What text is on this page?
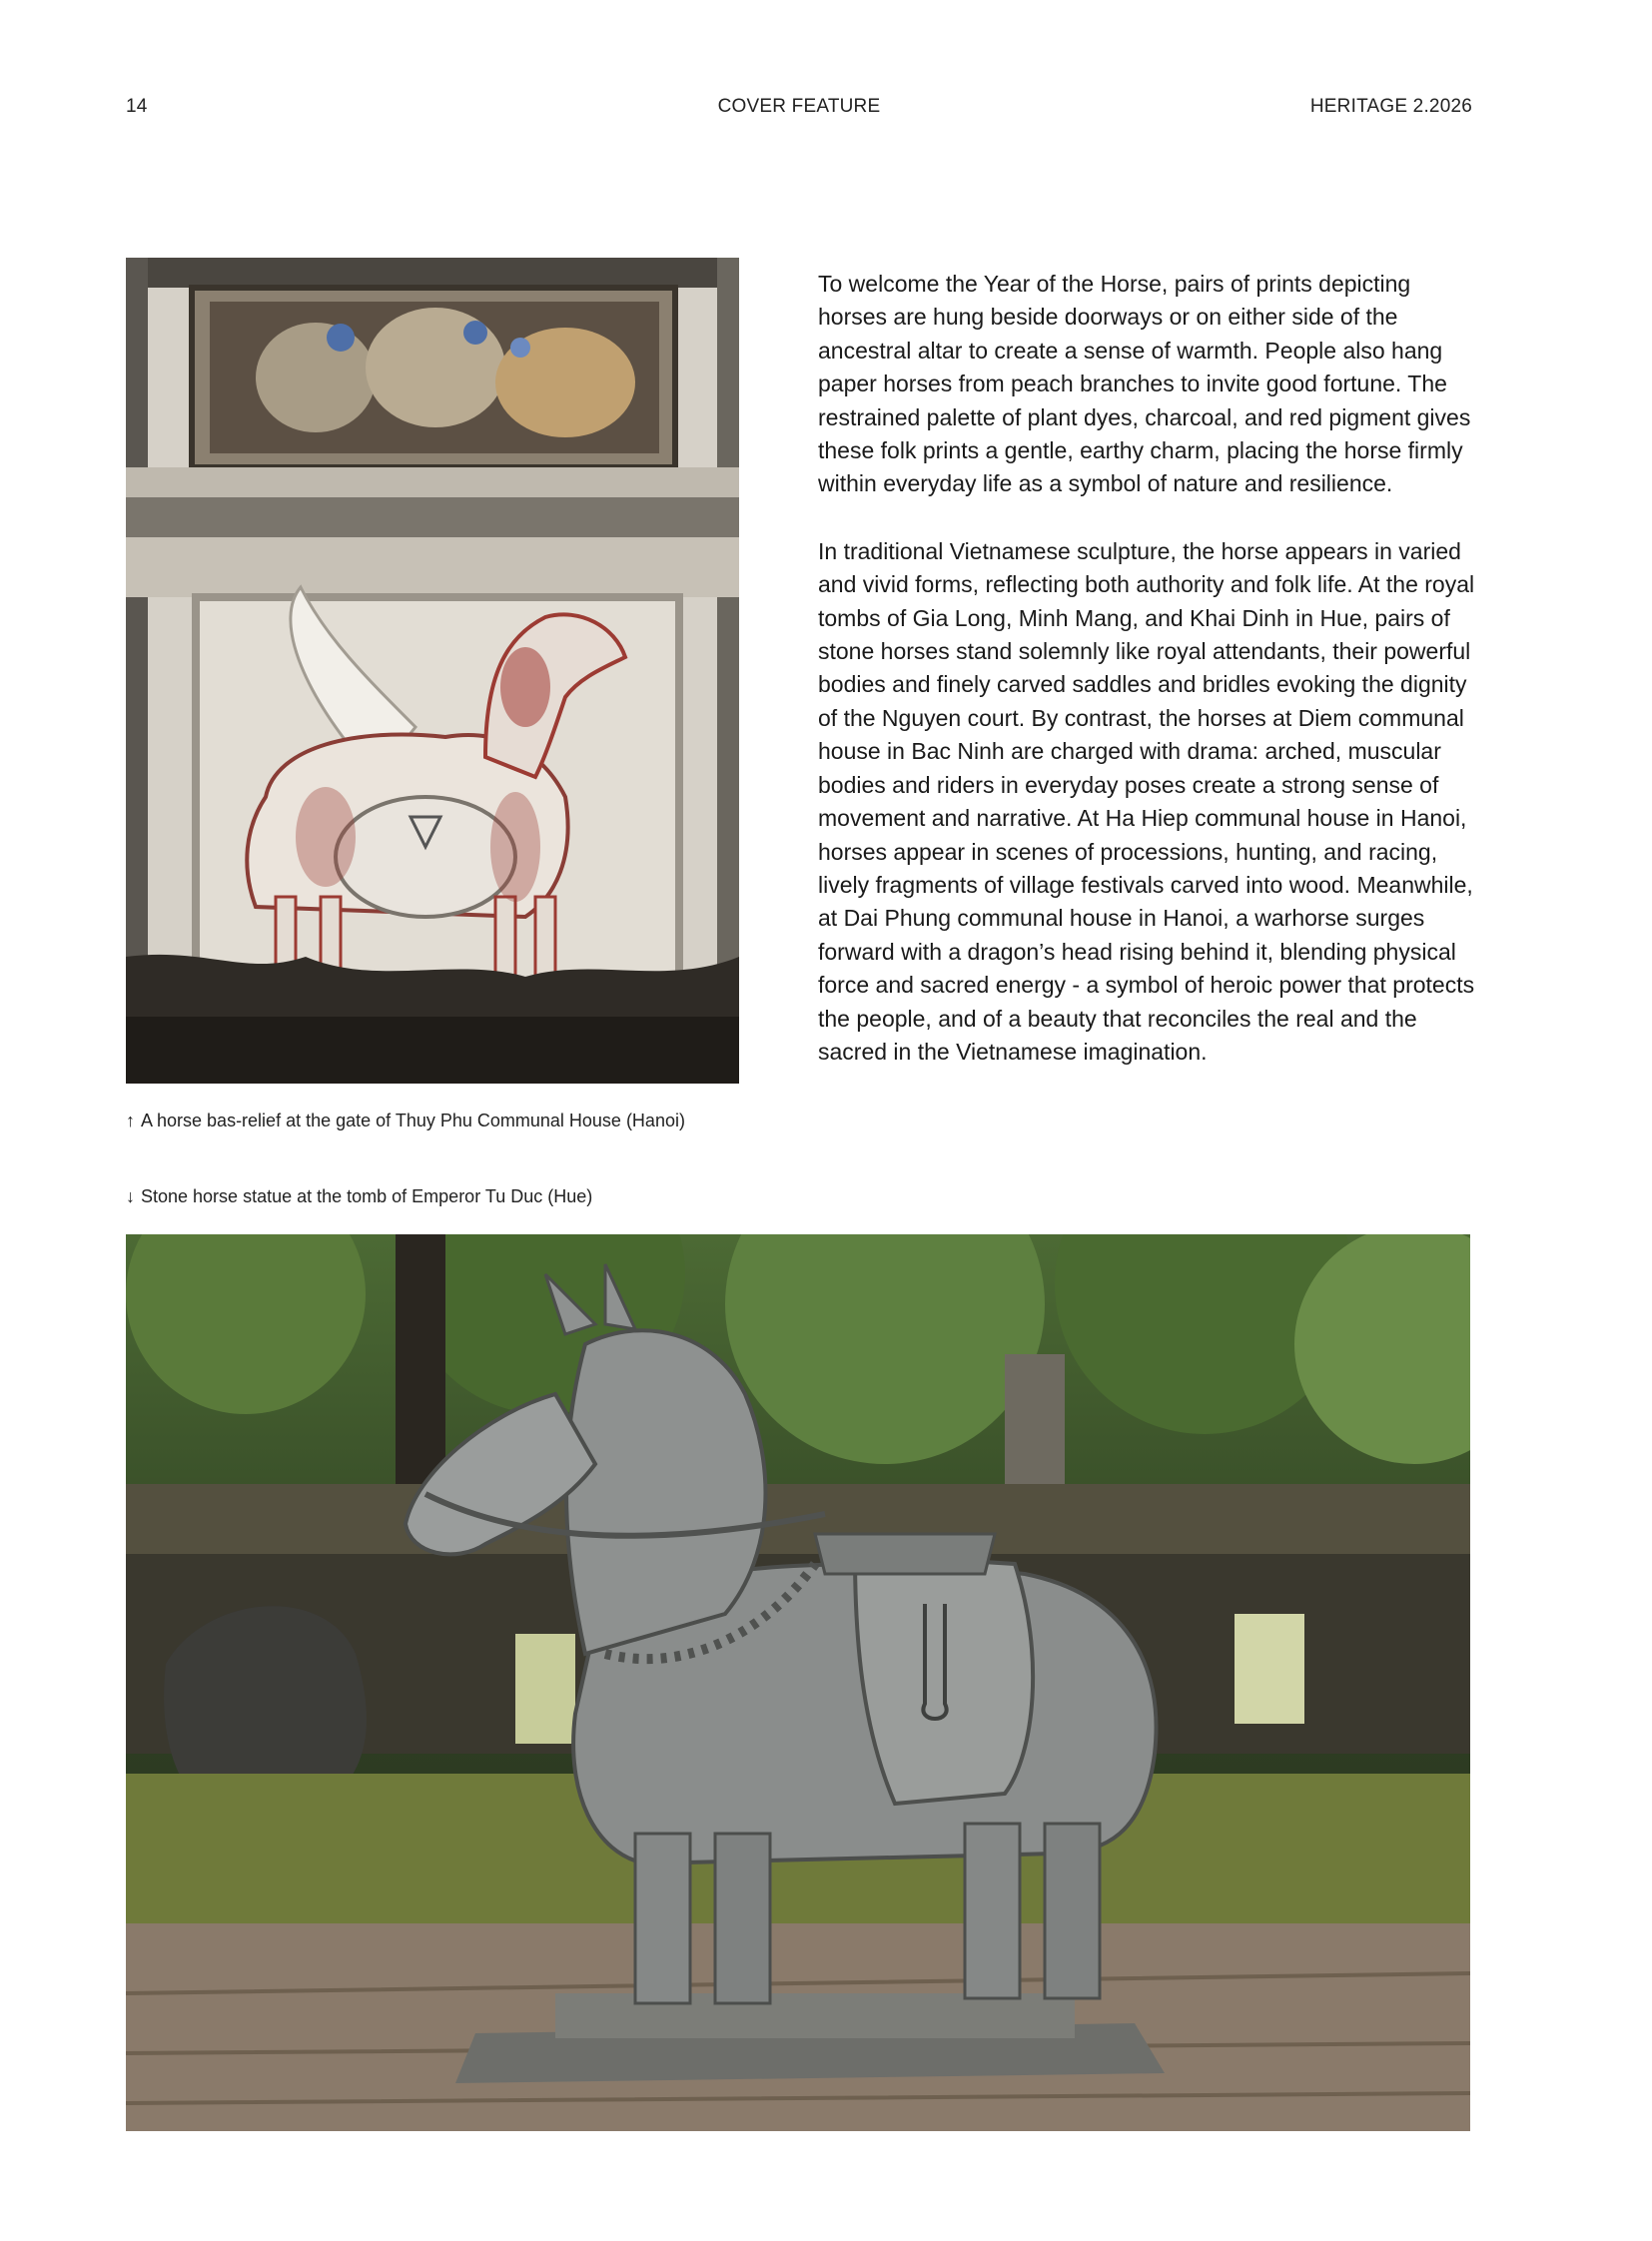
14	COVER FEATURE	HERITAGE 2.2026
↑ A horse bas-relief at the gate of Thuy Phu Communal House (Hanoi)

To welcome the Year of the Horse, pairs of prints depicting horses are hung beside doorways or on either side of the ancestral altar to create a sense of warmth. People also hang paper horses from peach branches to invite good fortune. The restrained palette of plant dyes, charcoal, and red pigment gives these folk prints a gentle, earthy charm, placing the horse firmly within everyday life as a symbol of nature and resilience.

In traditional Vietnamese sculpture, the horse appears in varied and vivid forms, reflecting both authority and folk life. At the royal tombs of Gia Long, Minh Mang, and Khai Dinh in Hue, pairs of stone horses stand solemnly like royal attendants, their powerful bodies and finely carved saddles and bridles evoking the dignity of the Nguyen court. By contrast, the horses at Diem communal house in Bac Ninh are charged with drama: arched, muscular bodies and riders in everyday poses create a strong sense of movement and narrative. At Ha Hiep communal house in Hanoi, horses appear in scenes of processions, hunting, and racing, lively fragments of village festivals carved into wood. Meanwhile, at Dai Phung communal house in Hanoi, a warhorse surges forward with a dragon’s head rising behind it, blending physical force and sacred energy - a symbol of heroic power that protects the people, and of a beauty that reconciles the real and the sacred in the Vietnamese imagination.

↓ Stone horse statue at the tomb of Emperor Tu Duc (Hue)
